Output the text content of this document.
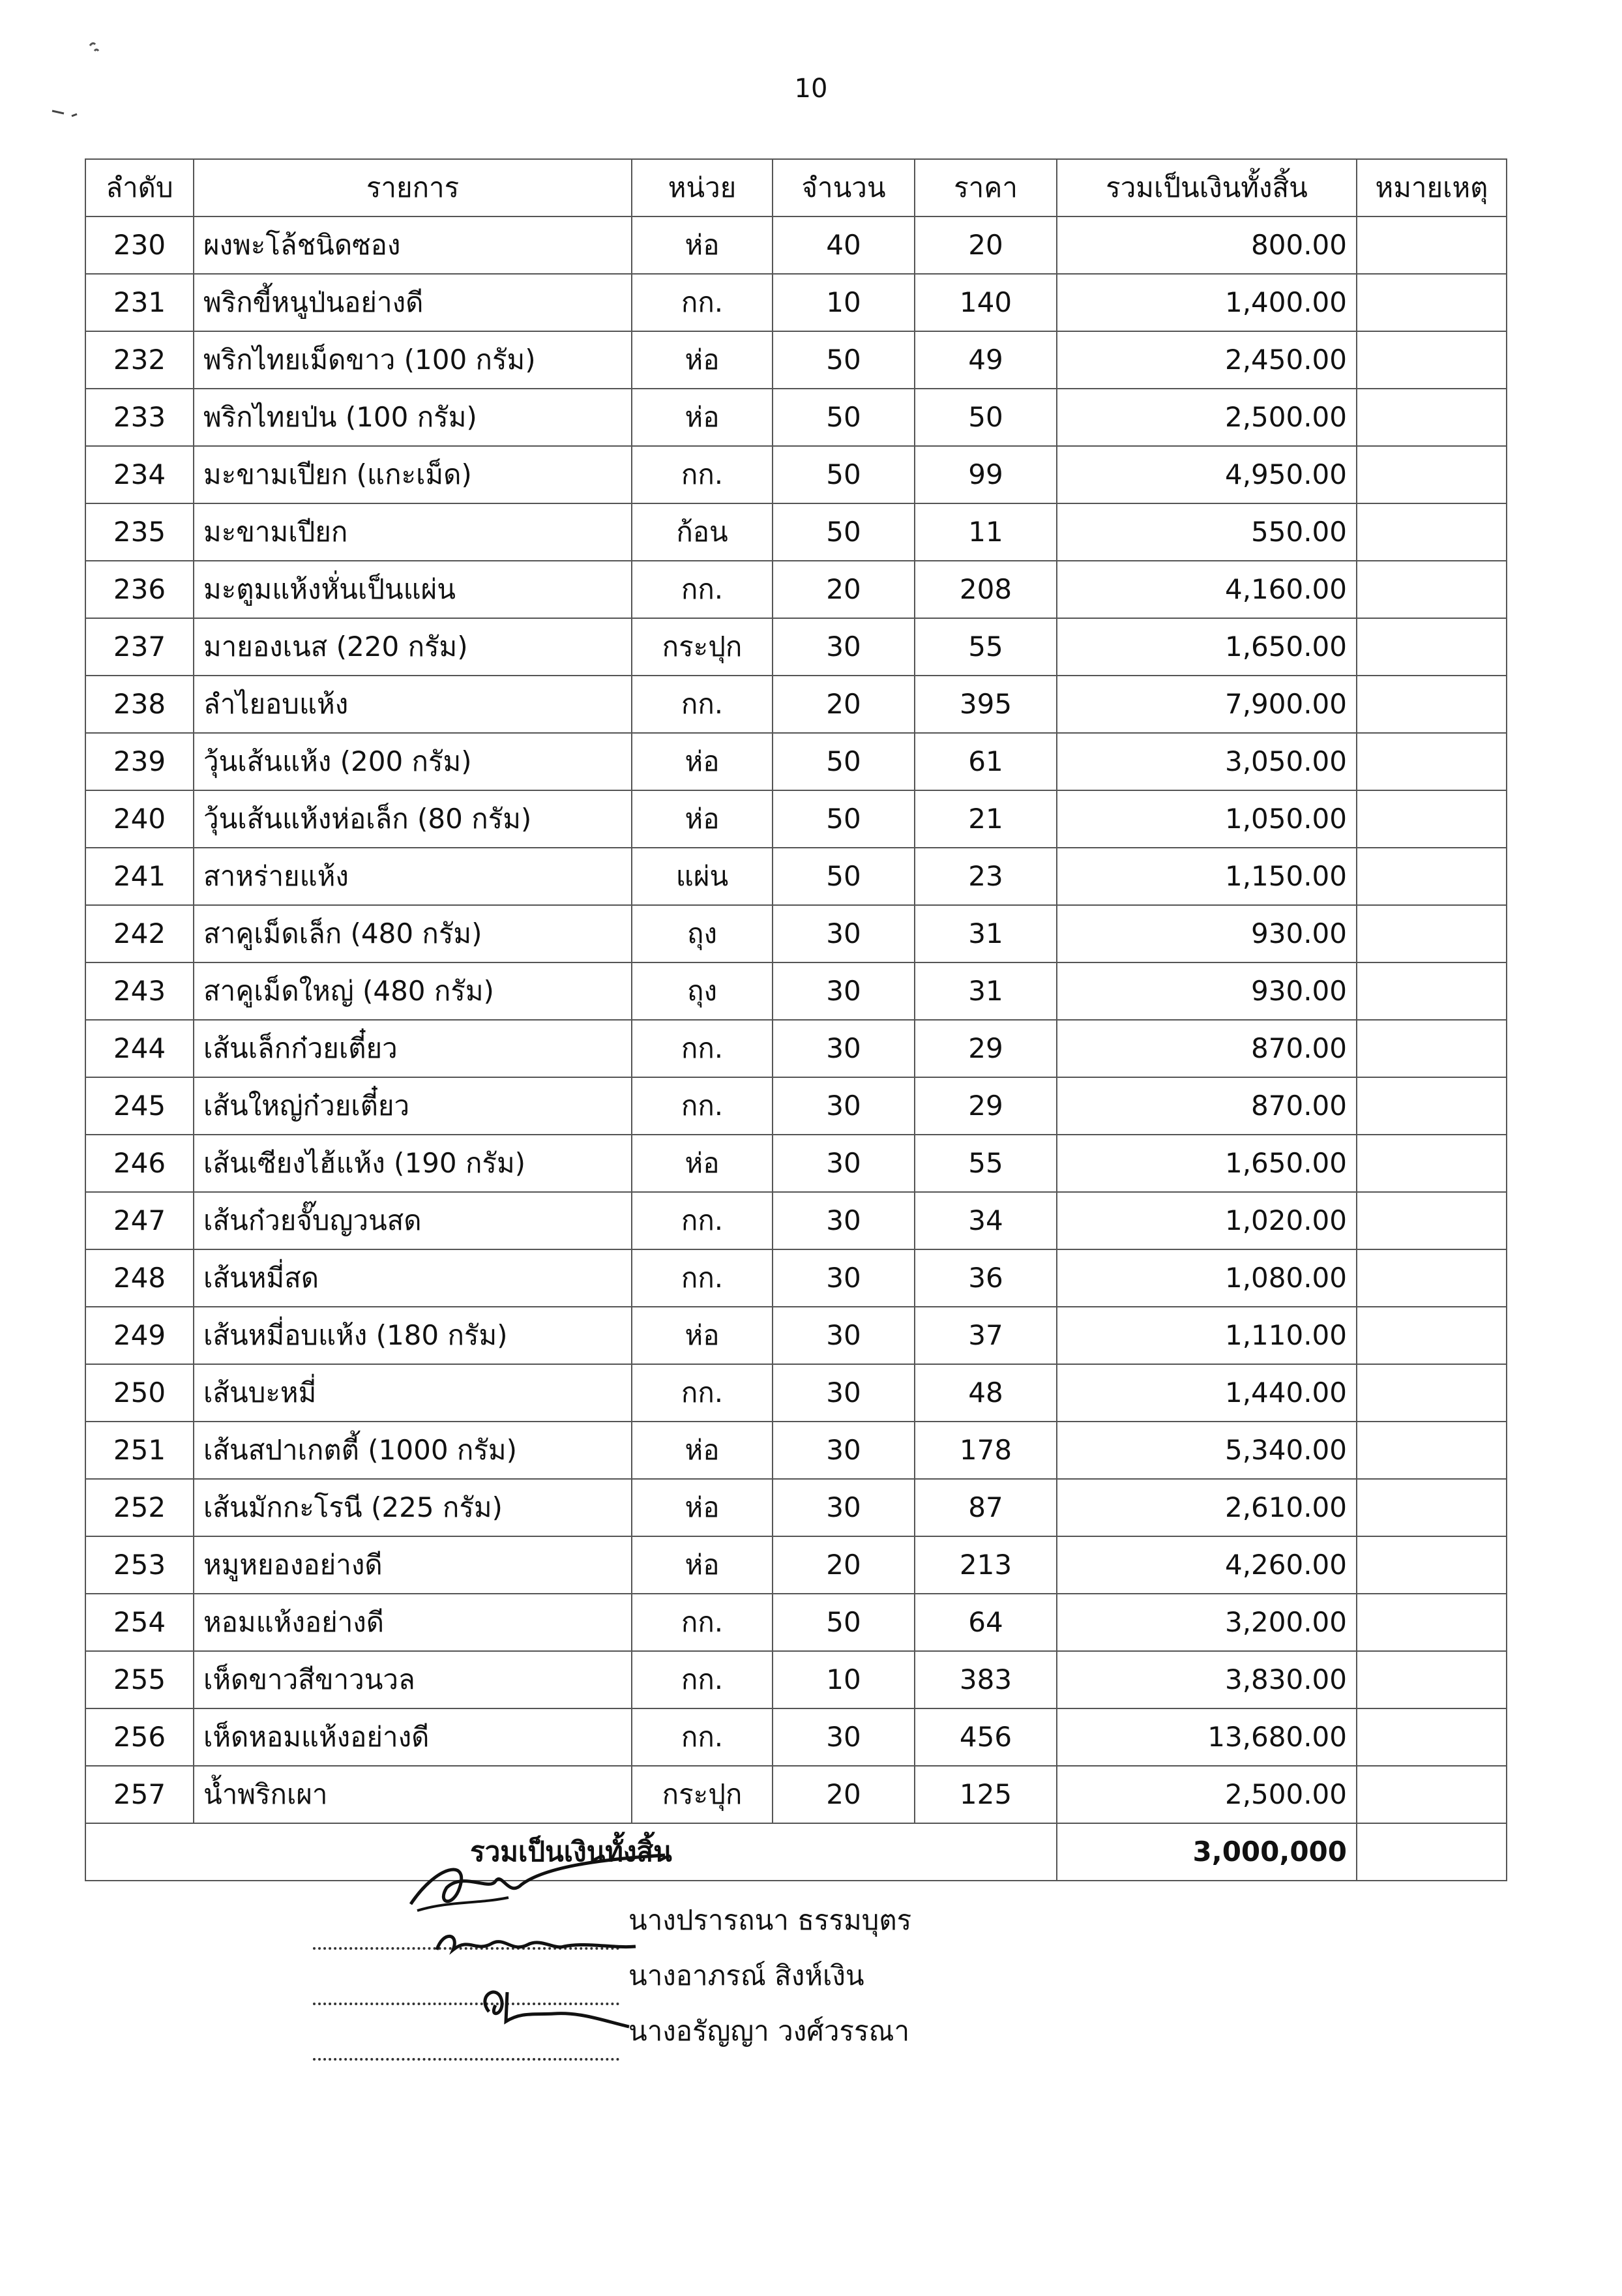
10
ลำดับ	รายการ	หน่วย	จำนวน	ราคา	รวมเป็นเงินทั้งสิ้น	หมายเหตุ
230	ผงพะโล้ชนิดซอง	ห่อ	40	20	800.00	
231	พริกขี้หนูป่นอย่างดี	กก.	10	140	1,400.00	
232	พริกไทยเม็ดขาว (100 กรัม)	ห่อ	50	49	2,450.00	
233	พริกไทยป่น (100 กรัม)	ห่อ	50	50	2,500.00	
234	มะขามเปียก (แกะเม็ด)	กก.	50	99	4,950.00	
235	มะขามเปียก	ก้อน	50	11	550.00	
236	มะตูมแห้งหั่นเป็นแผ่น	กก.	20	208	4,160.00	
237	มายองเนส (220 กรัม)	กระปุก	30	55	1,650.00	
238	ลำไยอบแห้ง	กก.	20	395	7,900.00	
239	วุ้นเส้นแห้ง (200 กรัม)	ห่อ	50	61	3,050.00	
240	วุ้นเส้นแห้งห่อเล็ก (80 กรัม)	ห่อ	50	21	1,050.00	
241	สาหร่ายแห้ง	แผ่น	50	23	1,150.00	
242	สาคูเม็ดเล็ก (480 กรัม)	ถุง	30	31	930.00	
243	สาคูเม็ดใหญ่ (480 กรัม)	ถุง	30	31	930.00	
244	เส้นเล็กก๋วยเตี๋ยว	กก.	30	29	870.00	
245	เส้นใหญ่ก๋วยเตี๋ยว	กก.	30	29	870.00	
246	เส้นเซียงไฮ้แห้ง (190 กรัม)	ห่อ	30	55	1,650.00	
247	เส้นก๋วยจั๊บญวนสด	กก.	30	34	1,020.00	
248	เส้นหมี่สด	กก.	30	36	1,080.00	
249	เส้นหมี่อบแห้ง (180 กรัม)	ห่อ	30	37	1,110.00	
250	เส้นบะหมี่	กก.	30	48	1,440.00	
251	เส้นสปาเกตตี้ (1000 กรัม)	ห่อ	30	178	5,340.00	
252	เส้นมักกะโรนี (225 กรัม)	ห่อ	30	87	2,610.00	
253	หมูหยองอย่างดี	ห่อ	20	213	4,260.00	
254	หอมแห้งอย่างดี	กก.	50	64	3,200.00	
255	เห็ดขาวสีขาวนวล	กก.	10	383	3,830.00	
256	เห็ดหอมแห้งอย่างดี	กก.	30	456	13,680.00	
257	น้ำพริกเผา	กระปุก	20	125	2,500.00	
รวมเป็นเงินทั้งสิ้น					3,000,000	
นางปรารถนา ธรรมบุตร
นางอาภรณ์ สิงห์เงิน
นางอรัญญา วงศ์วรรณา
